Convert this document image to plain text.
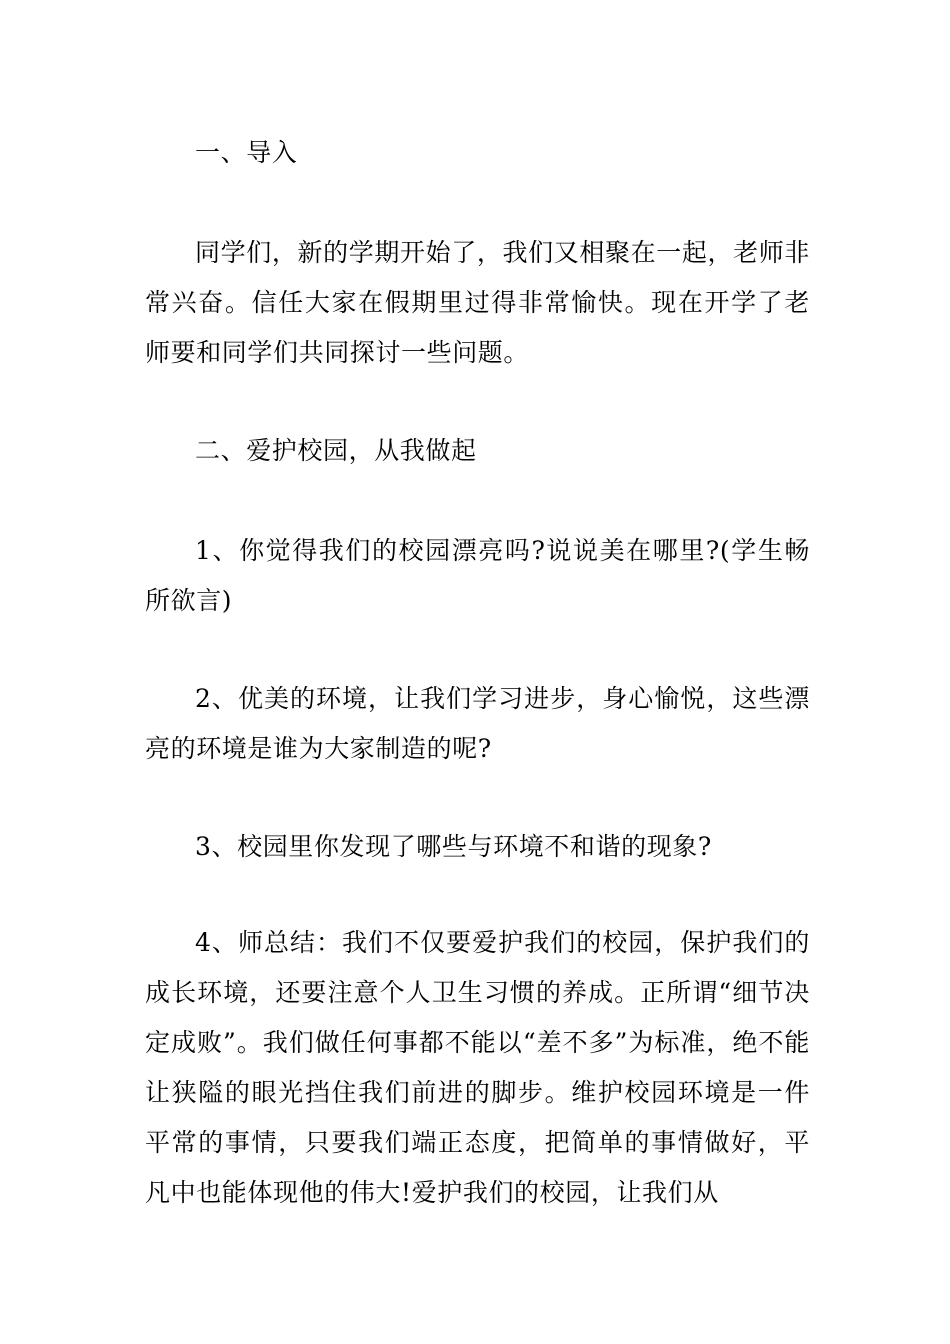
一、导入

同学们，新的学期开始了，我们又相聚在一起，老师非常兴奋。信任大家在假期里过得非常愉快。现在开学了老师要和同学们共同探讨一些问题。

二、爱护校园，从我做起

1、你觉得我们的校园漂亮吗?说说美在哪里?(学生畅所欲言)

2、优美的环境，让我们学习进步，身心愉悦，这些漂亮的环境是谁为大家制造的呢?

3、校园里你发现了哪些与环境不和谐的现象?

4、师总结：我们不仅要爱护我们的校园，保护我们的成长环境，还要注意个人卫生习惯的养成。正所谓“细节决定成败”。我们做任何事都不能以“差不多”为标准，绝不能让狭隘的眼光挡住我们前进的脚步。维护校园环境是一件平常的事情，只要我们端正态度，把简单的事情做好，平凡中也能体现他的伟大!爱护我们的校园，让我们从
